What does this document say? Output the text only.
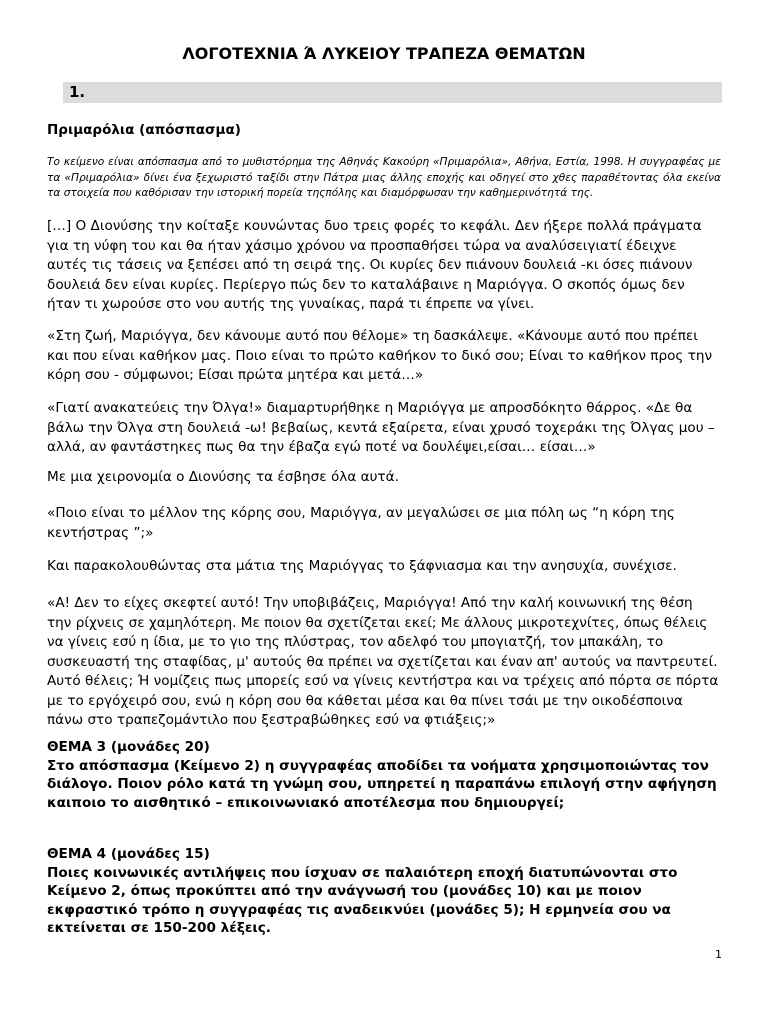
ΛΟΓΟΤΕΧΝΙΑ Ά ΛΥΚΕΙΟΥ ΤΡΑΠΕΖΑ ΘΕΜΑΤΩΝ
1.
Πριμαρόλια (απόσπασμα)
Το κείμενο είναι απόσπασμα από το μυθιστόρημα της Αθηνάς Κακούρη «Πριμαρόλια», Αθήνα, Εστία, 1998. Η συγγραφέας με τα «Πριμαρόλια» δίνει ένα ξεχωριστό ταξίδι στην Πάτρα μιας άλλης εποχής και οδηγεί στο χθες παραθέτοντας όλα εκείνα τα στοιχεία που καθόρισαν την ιστορική πορεία τηςπόλης και διαμόρφωσαν την καθημερινότητά της.
[…] Ο Διονύσης την κοίταξε κουνώντας δυο τρεις φορές το κεφάλι. Δεν ήξερε πολλά πράγματα για τη νύφη του και θα ήταν χάσιμο χρόνου να προσπαθήσει τώρα να αναλύσειγιατί έδειχνε αυτές τις τάσεις να ξεπέσει από τη σειρά της. Οι κυρίες δεν πιάνουν δουλειά -κι όσες πιάνουν δουλειά δεν είναι κυρίες. Περίεργο πώς δεν το καταλάβαινε η Μαριόγγα. Ο σκοπός όμως δεν ήταν τι χωρούσε στο νου αυτής της γυναίκας, παρά τι έπρεπε να γίνει.
«Στη ζωή, Μαριόγγα, δεν κάνουμε αυτό που θέλομε» τη δασκάλεψε. «Κάνουμε αυτό που πρέπει και που είναι καθήκον μας. Ποιο είναι το πρώτο καθήκον το δικό σου; Είναι το καθήκον προς την κόρη σου - σύμφωνοι; Είσαι πρώτα μητέρα και μετά…»
«Γιατί ανακατεύεις την Όλγα!» διαμαρτυρήθηκε η Μαριόγγα με απροσδόκητο θάρρος. «Δε θα βάλω την Όλγα στη δουλειά -ω! βεβαίως, κεντά εξαίρετα, είναι χρυσό τοχεράκι της Όλγας μου – αλλά, αν φαντάστηκες πως θα την έβαζα εγώ ποτέ να δουλέψει,είσαι… είσαι…»
Με μια χειρονομία ο Διονύσης τα έσβησε όλα αυτά.
«Ποιο είναι το μέλλον της κόρης σου, Μαριόγγα, αν μεγαλώσει σε μια πόλη ως “η κόρη της κεντήστρας ”;»
Και παρακολουθώντας στα μάτια της Μαριόγγας το ξάφνιασμα και την ανησυχία, συνέχισε.
«Α! Δεν το είχες σκεφτεί αυτό! Την υποβιβάζεις, Μαριόγγα! Από την καλή κοινωνική της θέση την ρίχνεις σε χαμηλότερη. Με ποιον θα σχετίζεται εκεί; Με άλλους μικροτεχνίτες, όπως θέλεις να γίνεις εσύ η ίδια, με το γιο της πλύστρας, τον αδελφό του μπογιατζή, τον μπακάλη, το συσκευαστή της σταφίδας, μ' αυτούς θα πρέπει να σχετίζεται και έναν απ' αυτούς να παντρευτεί. Αυτό θέλεις; Ή νομίζεις πως μπορείς εσύ να γίνεις κεντήστρα και να τρέχεις από πόρτα σε πόρτα με το εργόχειρό σου, ενώ η κόρη σου θα κάθεται μέσα και θα πίνει τσάι με την οικοδέσποινα πάνω στο τραπεζομάντιλο που ξεστραβώθηκες εσύ να φτιάξεις;»
ΘΕΜΑ 3 (μονάδες 20)
Στο απόσπασμα (Κείμενο 2) η συγγραφέας αποδίδει τα νοήματα χρησιμοποιώντας τον διάλογο. Ποιον ρόλο κατά τη γνώμη σου, υπηρετεί η παραπάνω επιλογή στην αφήγηση καιποιο το αισθητικό – επικοινωνιακό αποτέλεσμα που δημιουργεί;
ΘΕΜΑ 4 (μονάδες 15)
Ποιες κοινωνικές αντιλήψεις που ίσχυαν σε παλαιότερη εποχή διατυπώνονται στο Κείμενο 2, όπως προκύπτει από την ανάγνωσή του (μονάδες 10) και με ποιον εκφραστικό τρόπο η συγγραφέας τις αναδεικνύει (μονάδες 5); Η ερμηνεία σου να εκτείνεται σε 150-200 λέξεις.
1
